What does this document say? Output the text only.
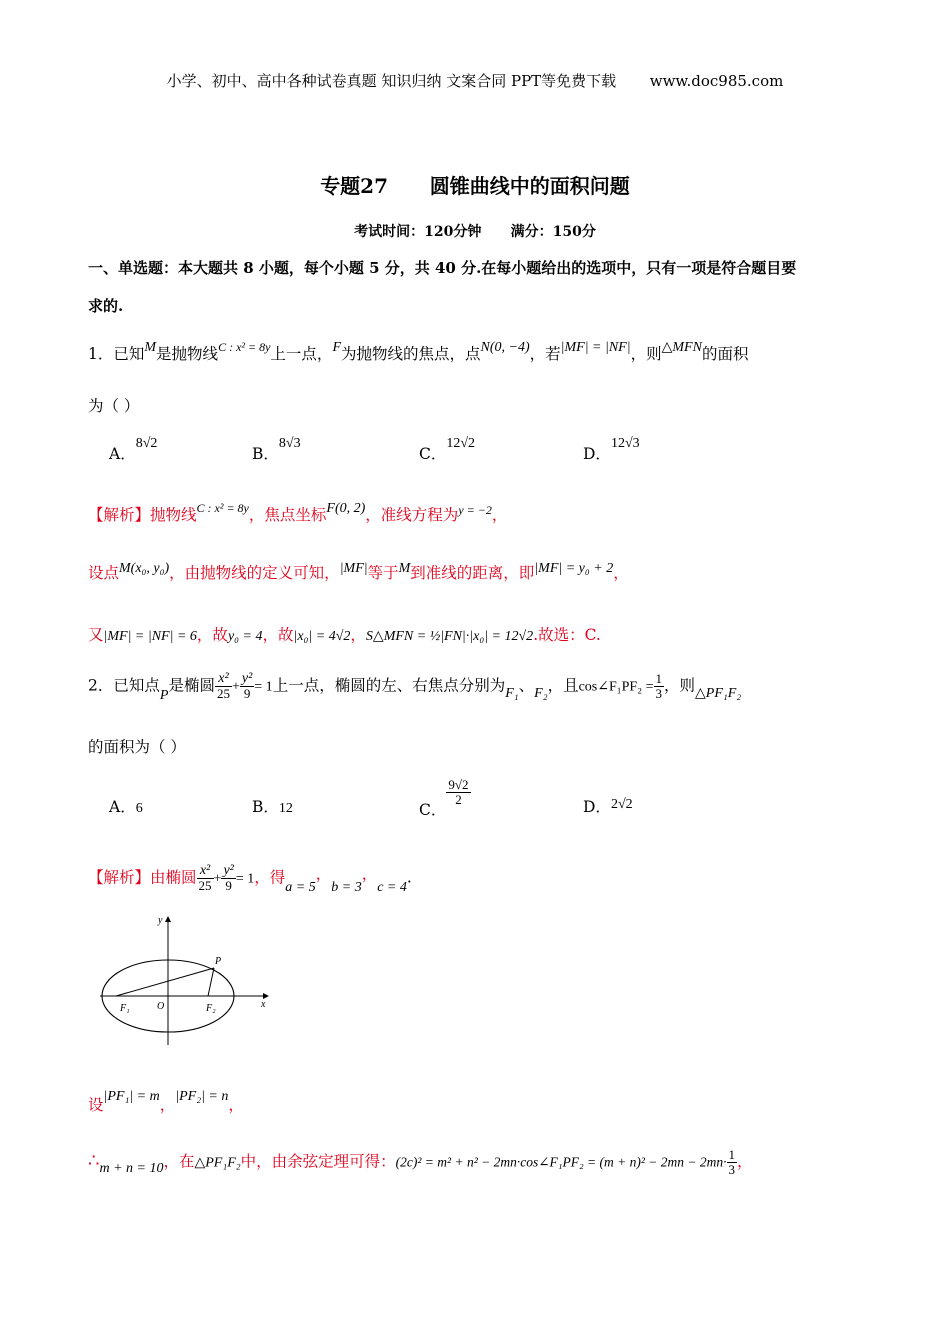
小学、初中、高中各种试卷真题 知识归纳 文案合同 PPT等免费下载 www.doc985.com
专题27      圆锥曲线中的面积问题
考试时间：120分钟      满分：150分
一、单选题：本大题共 8 小题，每个小题 5 分，共 40 分.在每小题给出的选项中，只有一项是符合题目要
求的.
1．已知M是抛物线$^{C : x^2 = 8y}$上一点，F为抛物线的焦点，点N(0, −4)，若|MF| = |NF|，则△MFN的面积
为（ ）
A．8√2
B．8√3
C．12√2
D．12√3
【解析】抛物线$^{C : x^2 = 8y}$，焦点坐标F(0, 2)，准线方程为$^{y = -2}$，
设点M(x₀, y₀)，由抛物线的定义可知，|MF|等于M到准线的距离，即|MF| = y₀ + 2，
又|MF| = |NF| = 6，故y₀ = 4，故|x₀| = 4√2，S△MFN = ½|FN|·|x₀| = 12√2.故选：C.
2．已知点P是椭圆 $\frac{\text{x²}}{25} + \frac{\text{y²}}{9} = 1$上一点，椭圆的左、右焦点分别为F₁、F₂，且cos∠F₁PF₂ = $\frac{1}{3}$ ，则△PF₁F₂
的面积为（ ）
A．6	B．12	C．
$\frac{9√2}{2}$	D．2√2
【解析】由椭圆 $\frac{\text{x²}}{25} + \frac{\text{y²}}{9} = 1$，得a = 5，b = 3，c = 4.
y
x
O
P
F₁	F₂
设|PF₁| = m，|PF₂| = n，
∴m + n = 10，在△PF₁F₂中，由余弦定理可得：(2c)² = m² + n² − 2mn·cos∠F₁PF₂ = $(m + n)^2 - 2mn - 2mn\cdot \frac{1}{3}$ ，
